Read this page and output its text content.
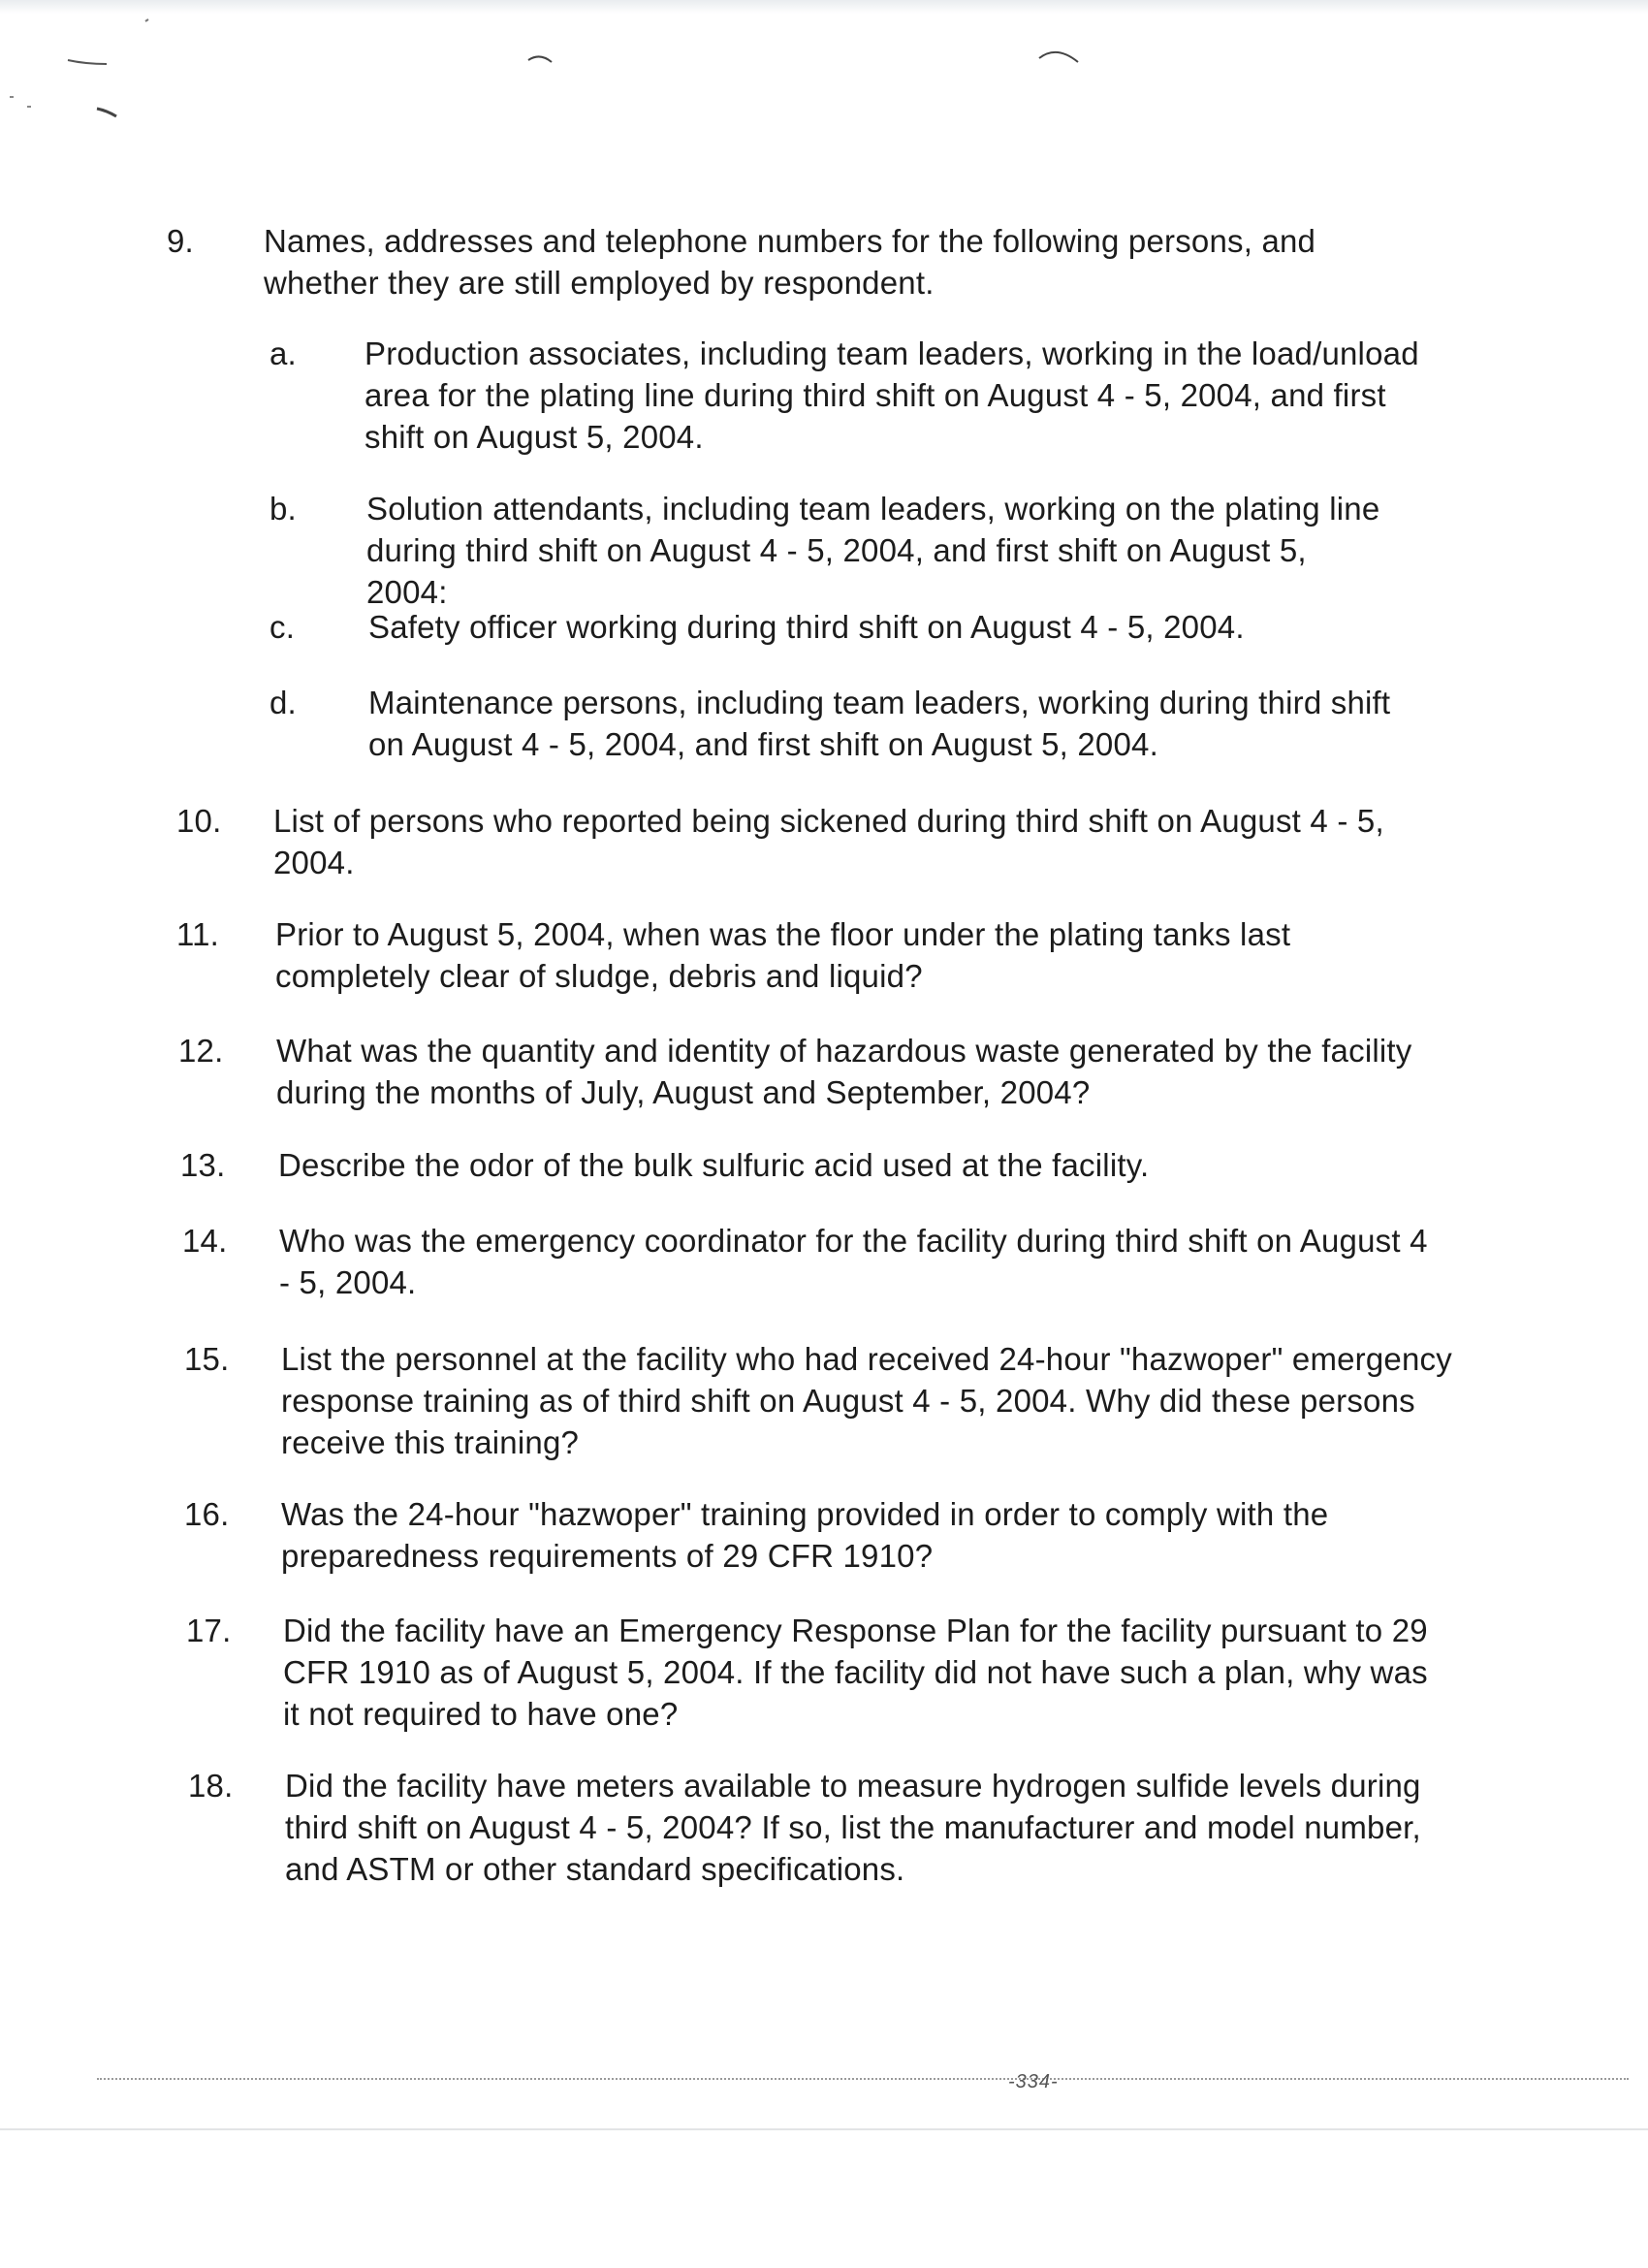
9. Names, addresses and telephone numbers for the following persons, and whether they are still employed by respondent.
a. Production associates, including team leaders, working in the load/unload area for the plating line during third shift on August 4 - 5, 2004, and first shift on August 5, 2004.
b. Solution attendants, including team leaders, working on the plating line during third shift on August 4 - 5, 2004, and first shift on August 5, 2004:
c. Safety officer working during third shift on August 4 - 5, 2004.
d. Maintenance persons, including team leaders, working during third shift on August 4 - 5, 2004, and first shift on August 5, 2004.
10. List of persons who reported being sickened during third shift on August 4 - 5, 2004.
11. Prior to August 5, 2004, when was the floor under the plating tanks last completely clear of sludge, debris and liquid?
12. What was the quantity and identity of hazardous waste generated by the facility during the months of July, August and September, 2004?
13. Describe the odor of the bulk sulfuric acid used at the facility.
14. Who was the emergency coordinator for the facility during third shift on August 4 - 5, 2004.
15. List the personnel at the facility who had received 24-hour "hazwoper" emergency response training as of third shift on August 4 - 5, 2004. Why did these persons receive this training?
16. Was the 24-hour "hazwoper" training provided in order to comply with the preparedness requirements of 29 CFR 1910?
17. Did the facility have an Emergency Response Plan for the facility pursuant to 29 CFR 1910 as of August 5, 2004. If the facility did not have such a plan, why was it not required to have one?
18. Did the facility have meters available to measure hydrogen sulfide levels during third shift on August 4 - 5, 2004? If so, list the manufacturer and model number, and ASTM or other standard specifications.
-334-
